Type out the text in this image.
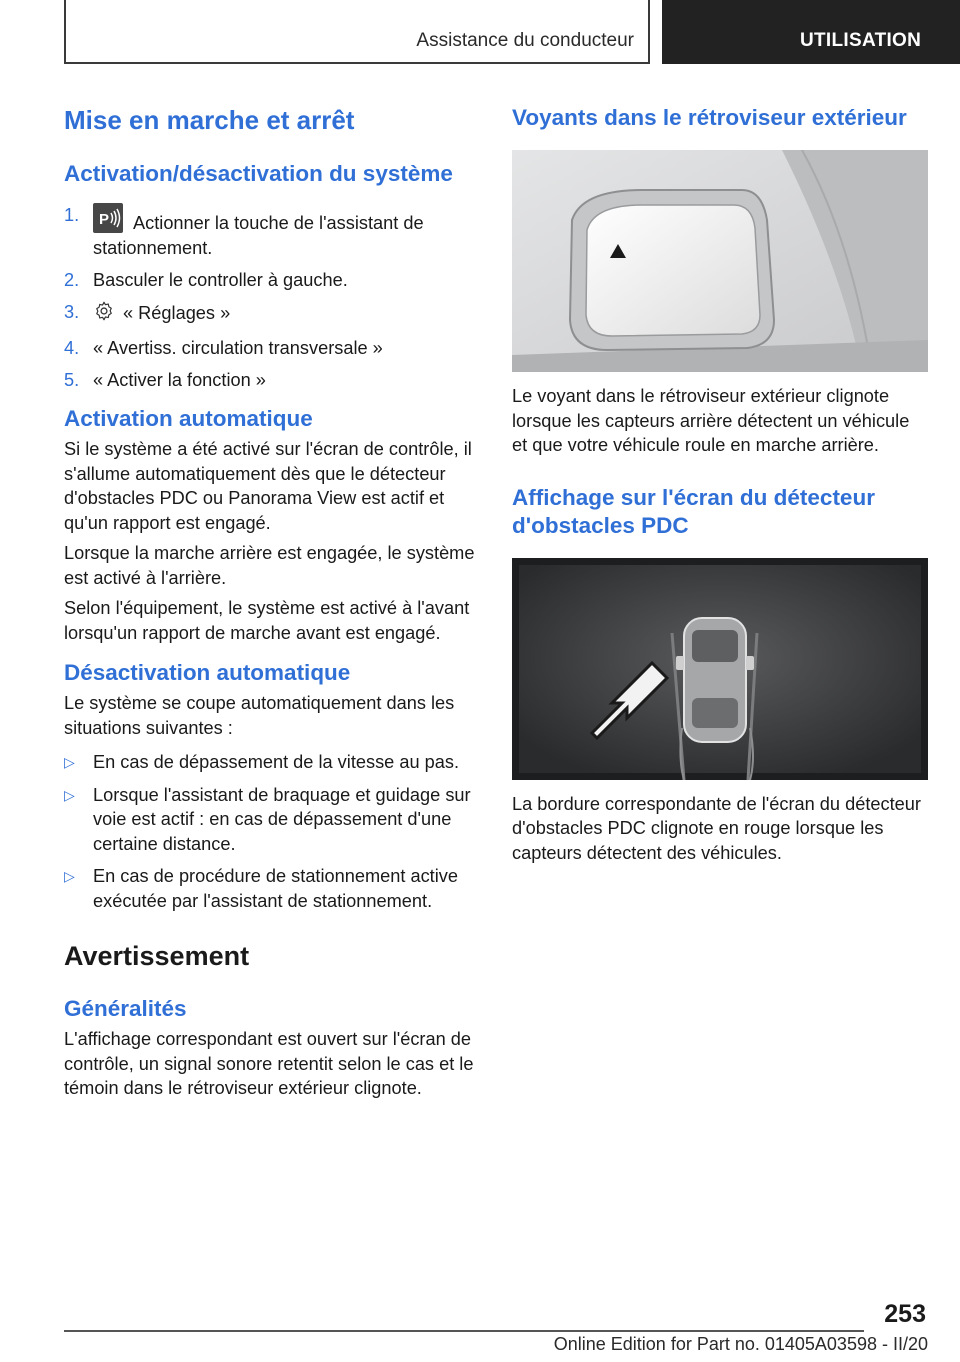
Assistance du conducteur	UTILISATION
Mise en marche et arrêt
Activation/désactivation du système
1.	P Actionner la touche de l'assistant de stationnement.
2. Basculer le controller à gauche.
3.	« Réglages »
4. « Avertiss. circulation transversale »
5. « Activer la fonction »
Activation automatique

Si le système a été activé sur l'écran de contrôle, il s'allume automatiquement dès que le détecteur d'obstacles PDC ou Panorama View est actif et qu'un rapport est engagé.

Lorsque la marche arrière est engagée, le système est activé à l'arrière.

Selon l'équipement, le système est activé à l'avant lorsqu'un rapport de marche avant est engagé.

Désactivation automatique

Le système se coupe automatiquement dans les situations suivantes :

▷	En cas de dépassement de la vitesse au pas.
▷	Lorsque l'assistant de braquage et guidage sur voie est actif : en cas de dépassement d'une certaine distance.
▷	En cas de procédure de stationnement active exécutée par l'assistant de stationnement.
Avertissement
Généralités

L'affichage correspondant est ouvert sur l'écran de contrôle, un signal sonore retentit selon le cas et le témoin dans le rétroviseur extérieur clignote.

Voyants dans le rétroviseur extérieur

Le voyant dans le rétroviseur extérieur clignote lorsque les capteurs arrière détectent un véhicule et que votre véhicule roule en marche arrière.

Affichage sur l'écran du détecteur d'obstacles PDC

La bordure correspondante de l'écran du détecteur d'obstacles PDC clignote en rouge lorsque les capteurs détectent des véhicules.

253
Online Edition for Part no. 01405A03598 - II/20
